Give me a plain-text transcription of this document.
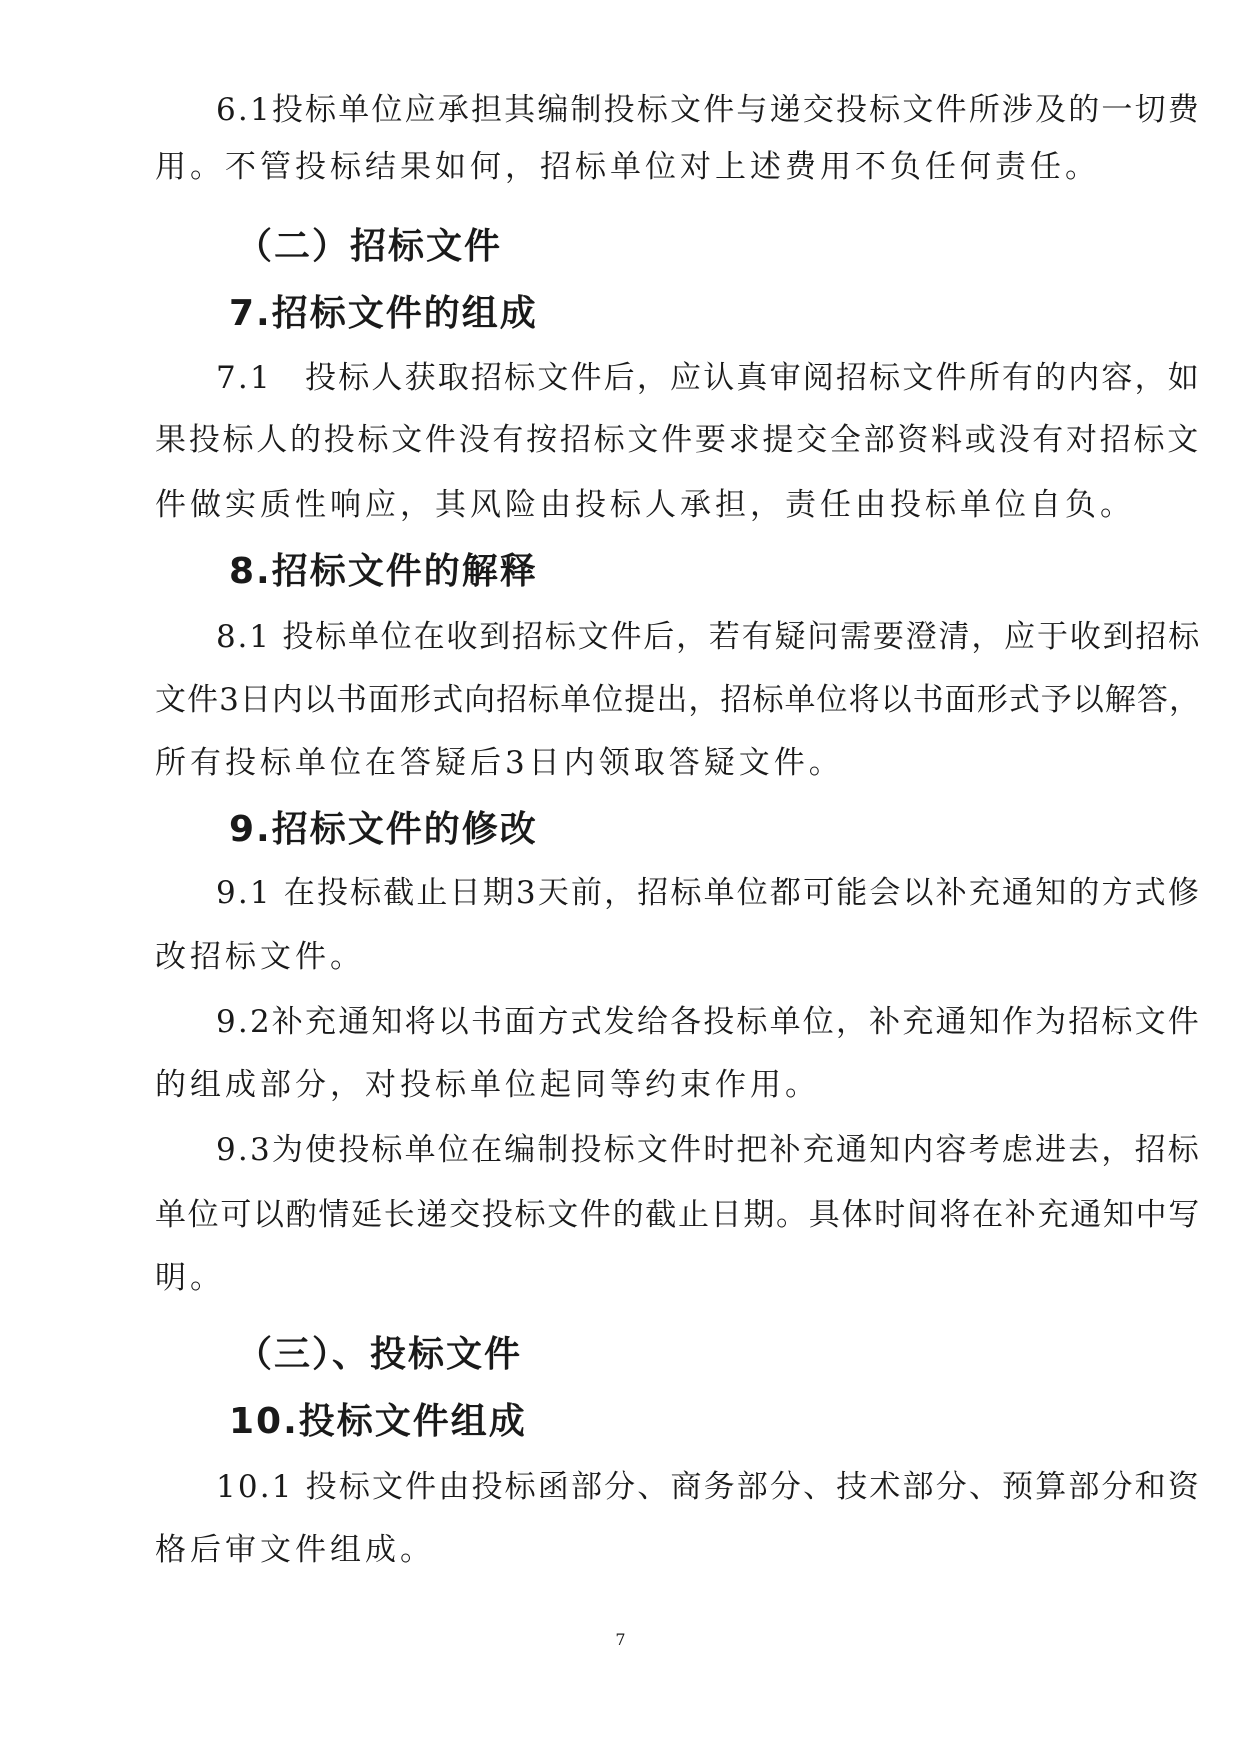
6.1投标单位应承担其编制投标文件与递交投标文件所涉及的一切费
用。不管投标结果如何，招标单位对上述费用不负任何责任。
（二）招标文件
7.招标文件的组成
7.1　投标人获取招标文件后，应认真审阅招标文件所有的内容，如
果投标人的投标文件没有按招标文件要求提交全部资料或没有对招标文
件做实质性响应，其风险由投标人承担，责任由投标单位自负。
8.招标文件的解释
8.1 投标单位在收到招标文件后，若有疑问需要澄清，应于收到招标
文件3日内以书面形式向招标单位提出，招标单位将以书面形式予以解答，
所有投标单位在答疑后3日内领取答疑文件。
9.招标文件的修改
9.1 在投标截止日期3天前，招标单位都可能会以补充通知的方式修
改招标文件。
9.2补充通知将以书面方式发给各投标单位，补充通知作为招标文件
的组成部分，对投标单位起同等约束作用。
9.3为使投标单位在编制投标文件时把补充通知内容考虑进去，招标
单位可以酌情延长递交投标文件的截止日期。具体时间将在补充通知中写
明。
（三）、投标文件
10.投标文件组成
10.1 投标文件由投标函部分、商务部分、技术部分、预算部分和资
格后审文件组成。
7
